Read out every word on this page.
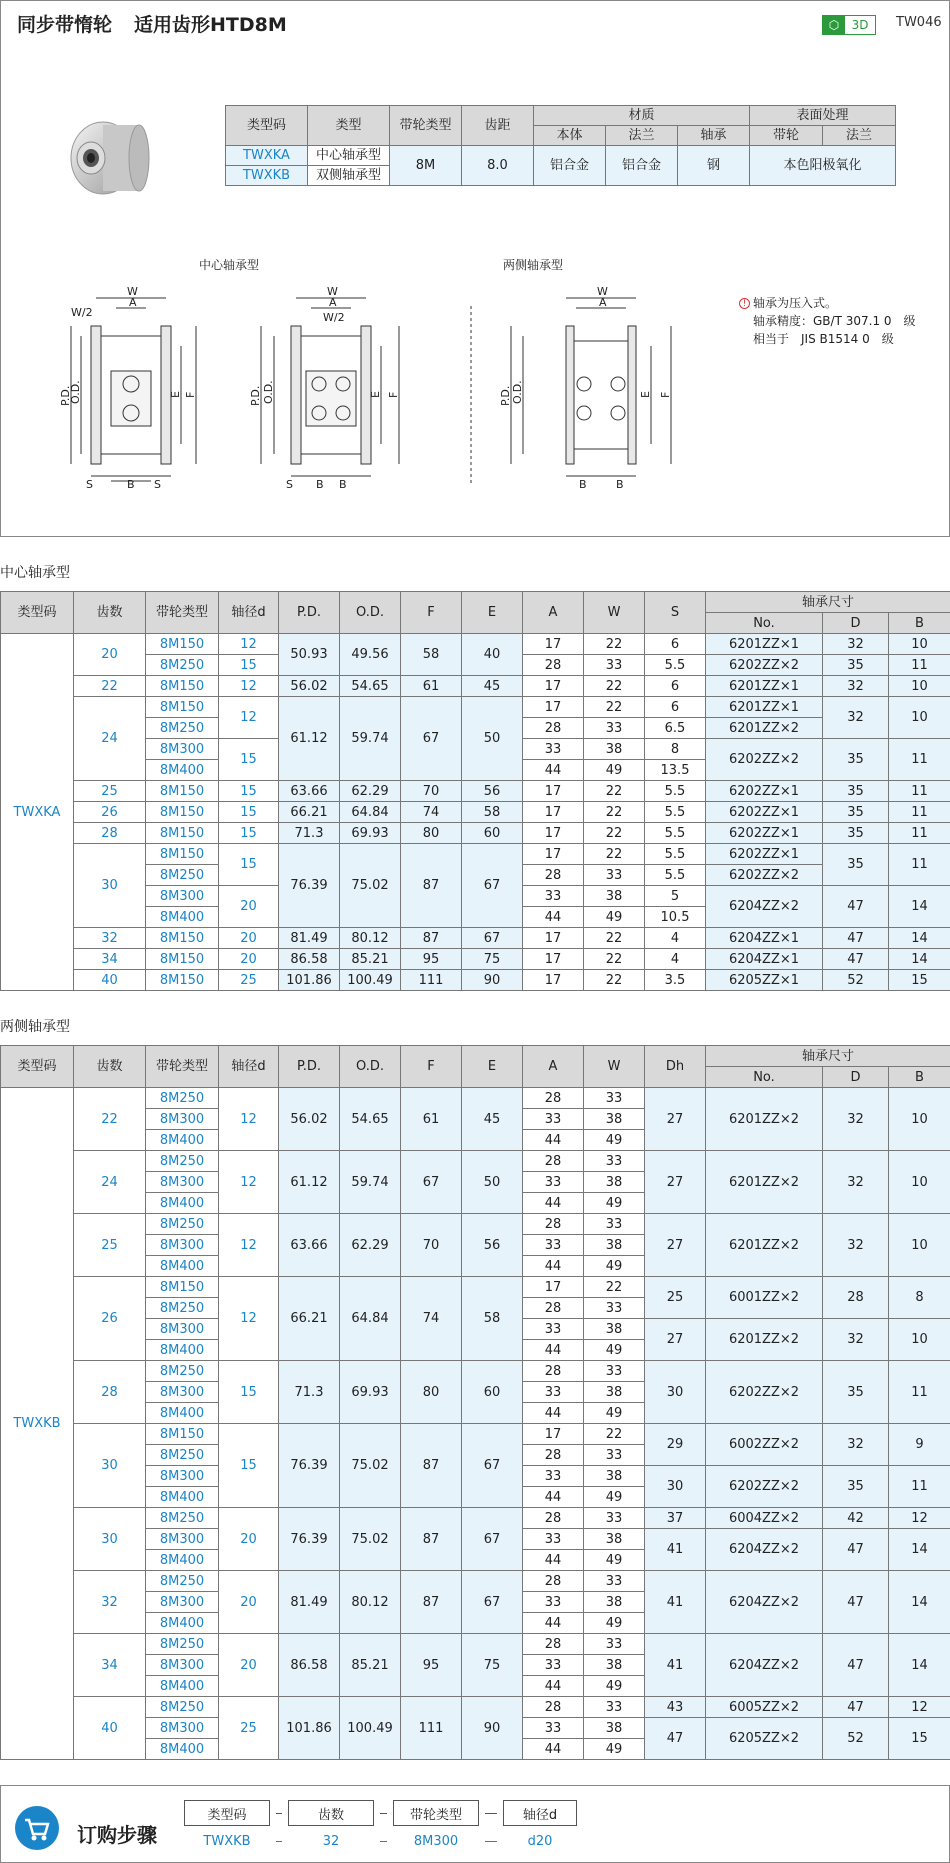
同步带惰轮 适用齿形HTD8M	⬡	3D	TW046
类型码	类型	带轮类型	齿距	材质			表面处理	
				本体	法兰	轴承	带轮	法兰
TWXKA	中心轴承型	8M	8.0	铝合金	铝合金	钢	本色阳极氧化	
TWXKB	双侧轴承型							
中心轴承型	两侧轴承型
P.D.
O.D.	E F
W
A
W/2
S	B S
P.D. O.D.	E F
W
A
W/2
S B B
P.D. O.D.	E F
W
A
B	B
! 轴承为压入式。
轴承精度：GB/T 307.1 0　级
相当于　JIS B1514 0　级
中心轴承型
类型码	齿数	带轮类型	轴径d	P.D.	O.D.	F	E	A	W	S	轴承尺寸		
											No.	D	B
TWXKA	20	8M150	12	50.93	49.56	58	40	17	22	6	6201ZZ×1	32	10
		8M250	15					28	33	5.5	6202ZZ×2	35	11
	22	8M150	12	56.02	54.65	61	45	17	22	6	6201ZZ×1	32	10
	24	8M150	12	61.12	59.74	67	50	17	22	6	6201ZZ×1	32	10
		8M250						28	33	6.5	6201ZZ×2		
		8M300	15					33	38	8	6202ZZ×2	35	11
		8M400						44	49	13.5			
	25	8M150	15	63.66	62.29	70	56	17	22	5.5	6202ZZ×1	35	11
	26	8M150	15	66.21	64.84	74	58	17	22	5.5	6202ZZ×1	35	11
	28	8M150	15	71.3	69.93	80	60	17	22	5.5	6202ZZ×1	35	11
	30	8M150	15	76.39	75.02	87	67	17	22	5.5	6202ZZ×1	35	11
		8M250						28	33	5.5	6202ZZ×2		
		8M300	20					33	38	5	6204ZZ×2	47	14
		8M400						44	49	10.5			
	32	8M150	20	81.49	80.12	87	67	17	22	4	6204ZZ×1	47	14
	34	8M150	20	86.58	85.21	95	75	17	22	4	6204ZZ×1	47	14
	40	8M150	25	101.86	100.49	111	90	17	22	3.5	6205ZZ×1	52	15
两侧轴承型
类型码	齿数	带轮类型	轴径d	P.D.	O.D.	F	E	A	W	Dh	轴承尺寸		
											No.	D	B
TWXKB	22	8M250	12	56.02	54.65	61	45	28	33	27	6201ZZ×2	32	10
		8M300						33	38				
		8M400						44	49				
	24	8M250	12	61.12	59.74	67	50	28	33	27	6201ZZ×2	32	10
		8M300						33	38				
		8M400						44	49				
	25	8M250	12	63.66	62.29	70	56	28	33	27	6201ZZ×2	32	10
		8M300						33	38				
		8M400						44	49				
	26	8M150	12	66.21	64.84	74	58	17	22	25	6001ZZ×2	28	8
		8M250						28	33				
		8M300						33	38	27	6201ZZ×2	32	10
		8M400						44	49				
	28	8M250	15	71.3	69.93	80	60	28	33	30	6202ZZ×2	35	11
		8M300						33	38				
		8M400						44	49				
	30	8M150	15	76.39	75.02	87	67	17	22	29	6002ZZ×2	32	9
		8M250						28	33				
		8M300						33	38	30	6202ZZ×2	35	11
		8M400						44	49				
	30	8M250	20	76.39	75.02	87	67	28	33	37	6004ZZ×2	42	12
		8M300						33	38	41	6204ZZ×2	47	14
		8M400						44	49				
	32	8M250	20	81.49	80.12	87	67	28	33	41	6204ZZ×2	47	14
		8M300						33	38				
		8M400						44	49				
	34	8M250	20	86.58	85.21	95	75	28	33	41	6204ZZ×2	47	14
		8M300						33	38				
		8M400						44	49				
	40	8M250	25	101.86	100.49	111	90	28	33	43	6005ZZ×2	47	12
		8M300						33	38	47	6205ZZ×2	52	15
		8M400						44	49				
订购步骤
类型码
TWXKB
齿数
32
带轮类型
8M300
轴径d
d20
